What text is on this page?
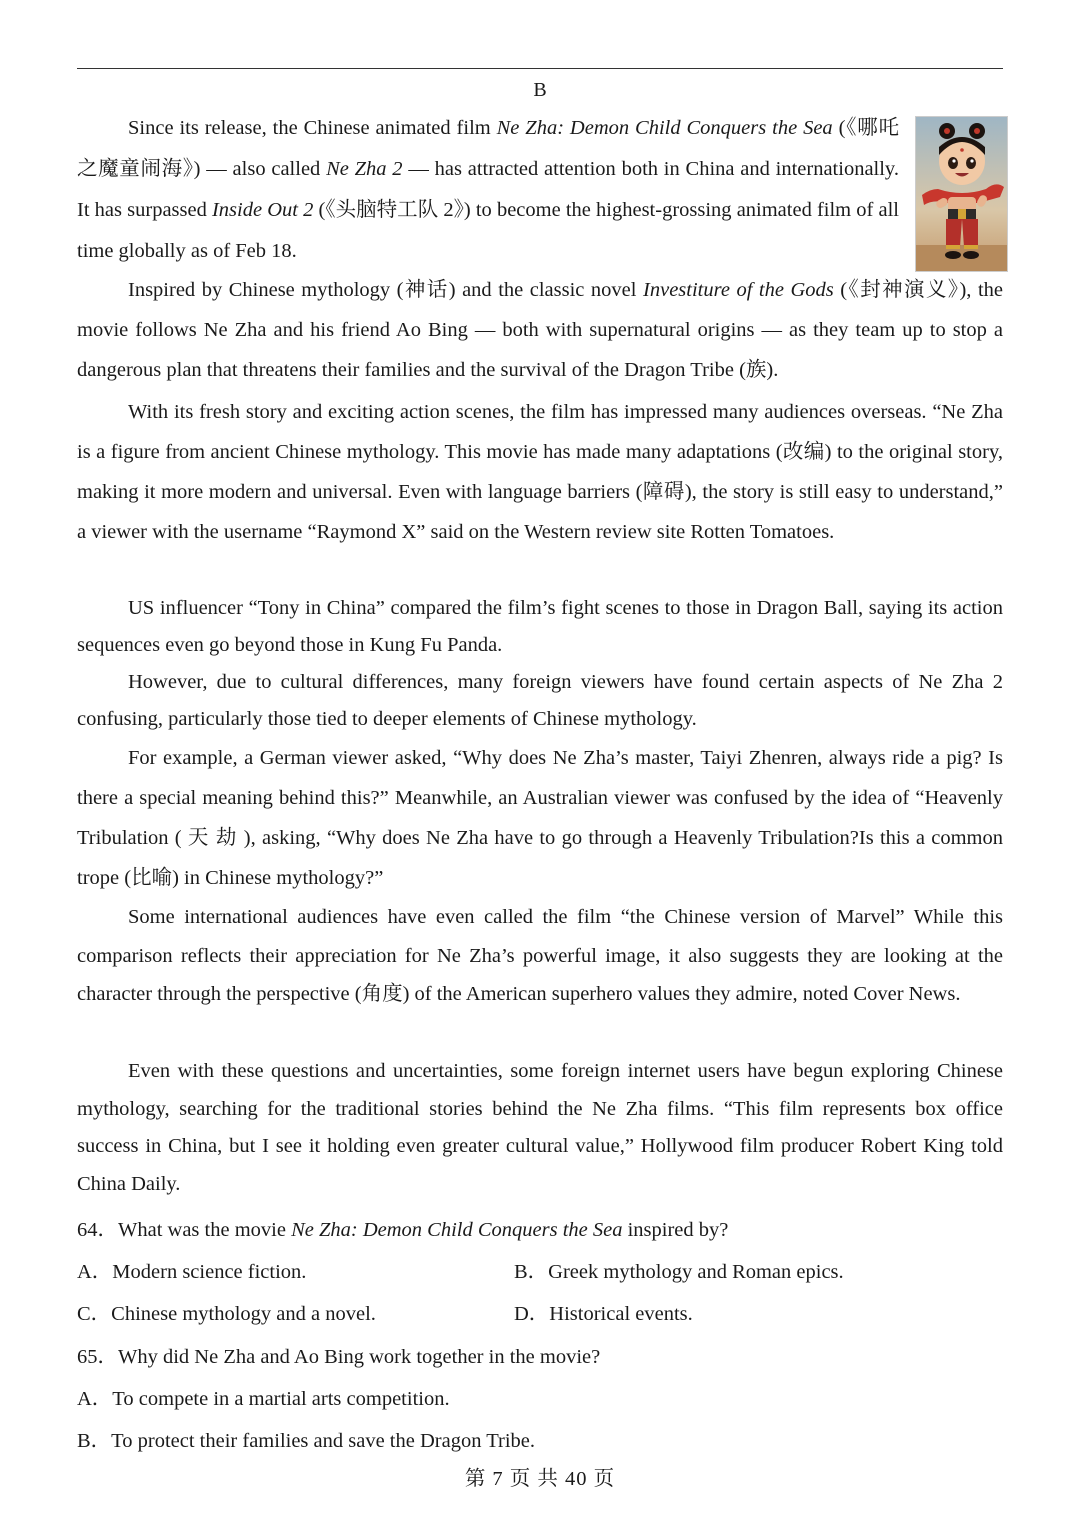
B

Since its release, the Chinese animated film Ne Zha: Demon Child Conquers the Sea (《哪吒之魔童闹海》) — also called Ne Zha 2 — has attracted attention both in China and internationally. It has surpassed Inside Out 2 (《头脑特工队 2》) to become the highest-grossing animated film of all time globally as of Feb 18.

Inspired by Chinese mythology (神话) and the classic novel Investiture of the Gods (《封神演义》), the movie follows Ne Zha and his friend Ao Bing — both with supernatural origins — as they team up to stop a dangerous plan that threatens their families and the survival of the Dragon Tribe (族).

With its fresh story and exciting action scenes, the film has impressed many audiences overseas. “Ne Zha is a figure from ancient Chinese mythology. This movie has made many adaptations (改编) to the original story, making it more modern and universal. Even with language barriers (障碍), the story is still easy to understand,” a viewer with the username “Raymond X” said on the Western review site Rotten Tomatoes.

US influencer “Tony in China” compared the film’s fight scenes to those in Dragon Ball, saying its action sequences even go beyond those in Kung Fu Panda.

However, due to cultural differences, many foreign viewers have found certain aspects of Ne Zha 2 confusing, particularly those tied to deeper elements of Chinese mythology.

For example, a German viewer asked, “Why does Ne Zha’s master, Taiyi Zhenren, always ride a pig? Is there a special meaning behind this?” Meanwhile, an Australian viewer was confused by the idea of “Heavenly Tribulation ( 天 劫 ), asking, “Why does Ne Zha have to go through a Heavenly Tribulation?Is this a common trope (比喻) in Chinese mythology?”

Some international audiences have even called the film “the Chinese version of Marvel” While this comparison reflects their appreciation for Ne Zha’s powerful image, it also suggests they are looking at the character through the perspective (角度) of the American superhero values they admire, noted Cover News.

Even with these questions and uncertainties, some foreign internet users have begun exploring Chinese mythology, searching for the traditional stories behind the Ne Zha films. “This film represents box office success in China, but I see it holding even greater cultural value,” Hollywood film producer Robert King told China Daily.

64．What was the movie Ne Zha: Demon Child Conquers the Sea inspired by?

A．Modern science fiction.	B．Greek mythology and Roman epics.

C．Chinese mythology and a novel.	D．Historical events.

65．Why did Ne Zha and Ao Bing work together in the movie?

A．To compete in a martial arts competition.

B．To protect their families and save the Dragon Tribe.

第 7 页 共 40 页
